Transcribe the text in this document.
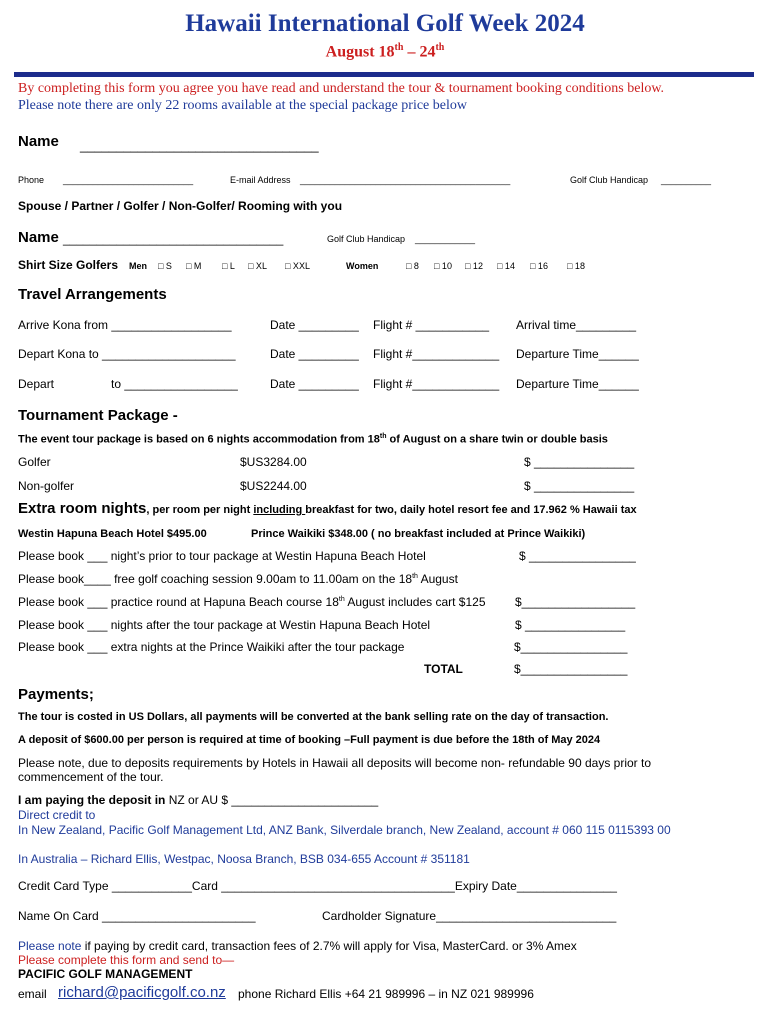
Hawaii International Golf Week 2024
August 18th – 24th
By completing this form you agree you have read and understand the tour & tournament booking conditions below.
Please note there are only 22 rooms available at the special package price below
Name _________________________________
Phone __________________________	E-mail Address __________________________________________	Golf Club Handicap __________
Spouse / Partner / Golfer / Non-Golfer/ Rooming with you
Name _________________________________	Golf Club Handicap ____________
Shirt Size Golfers Men □ S □ M □ L □ XL □ XXL	Women	□ 8 □ 10 □ 12 □ 14 □ 16 □ 18
Travel Arrangements
Arrive Kona from __________________	Date _________ Flight # ___________ Arrival time_________
Depart Kona to ____________________	Date _________ Flight #_____________ Departure Time______
Depart	to _________________	Date _________ Flight #_____________ Departure Time______
Tournament Package -
The event tour package is based on 6 nights accommodation from 18th of August on a share twin or double basis
Golfer	$US3284.00	$ _______________
Non-golfer	$US2244.00	$ _______________
Extra room nights, per room per night including breakfast for two, daily hotel resort fee and 17.962 % Hawaii tax
Westin Hapuna Beach Hotel $495.00	Prince Waikiki $348.00 ( no breakfast included at Prince Waikiki)
Please book ___ night’s prior to tour package at Westin Hapuna Beach Hotel	$ ________________
Please book____ free golf coaching session 9.00am to 11.00am on the 18th August
Please book ___ practice round at Hapuna Beach course 18th August includes cart $125 $_________________
Please book ___ nights after the tour package at Westin Hapuna Beach Hotel	$ _______________
Please book ___ extra nights at the Prince Waikiki after the tour package	$________________
TOTAL	$________________
Payments;
The tour is costed in US Dollars, all payments will be converted at the bank selling rate on the day of transaction.
A deposit of $600.00 per person is required at time of booking –Full payment is due before the 18th of May 2024
Please note, due to deposits requirements by Hotels in Hawaii all deposits will become non- refundable 90 days prior to
commencement of the tour.
I am paying the deposit in NZ or AU $ ______________________
Direct credit to
In New Zealand, Pacific Golf Management Ltd, ANZ Bank, Silverdale branch, New Zealand, account # 060 115 0115393 00
In Australia – Richard Ellis, Westpac, Noosa Branch, BSB 034-655 Account # 351181
Credit Card Type ____________Card ___________________________________Expiry Date_______________
Name On Card _______________________	Cardholder Signature___________________________
Please note if paying by credit card, transaction fees of 2.7% will apply for Visa, MasterCard. or 3% Amex
Please complete this form and send to—
PACIFIC GOLF MANAGEMENT
email richard@pacificgolf.co.nz phone Richard Ellis +64 21 989996 – in NZ 021 989996
